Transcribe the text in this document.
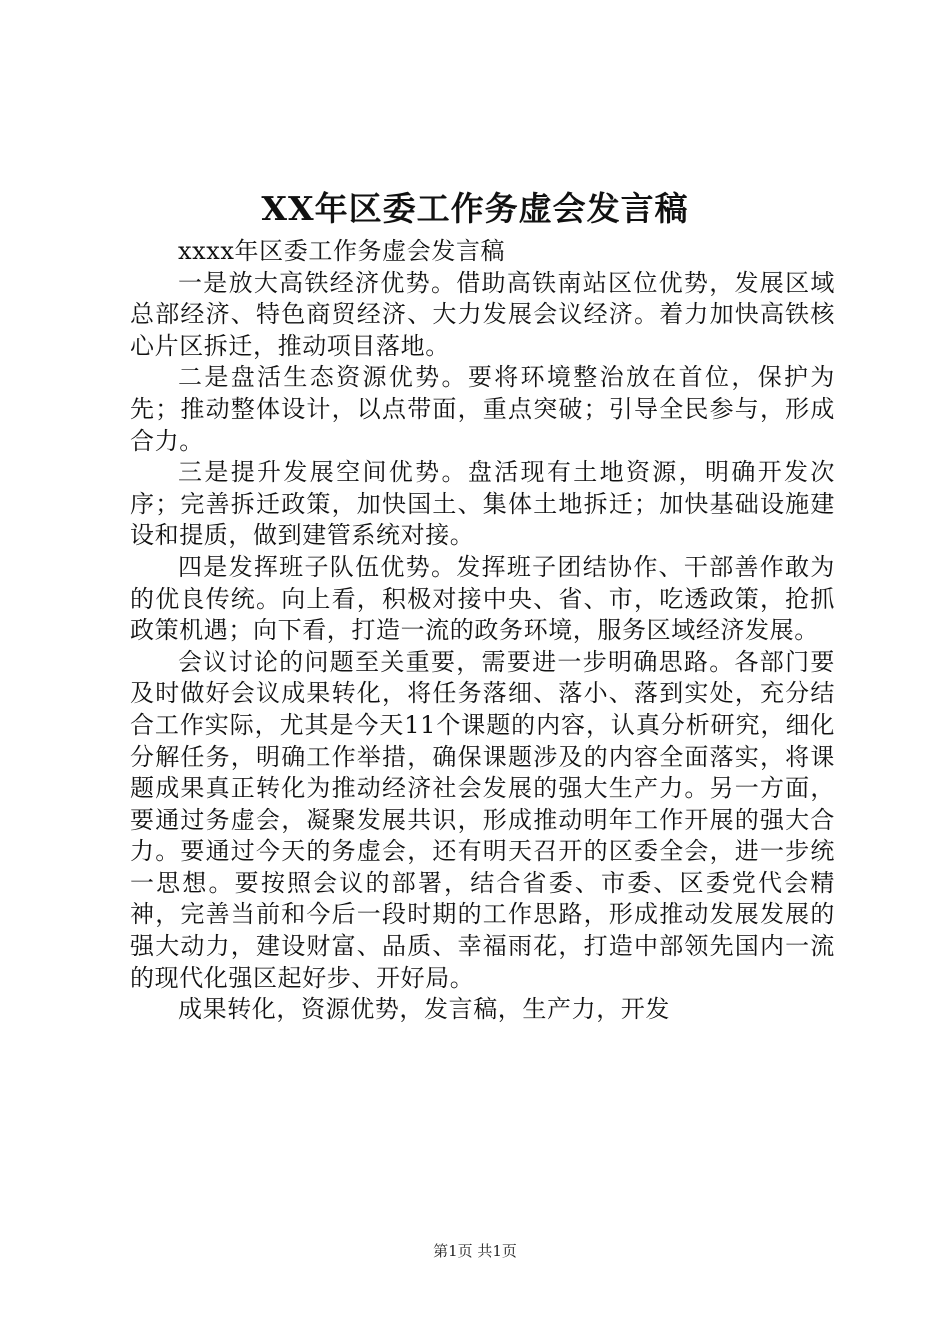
XX年区委工作务虚会发言稿

xxxx年区委工作务虚会发言稿

一是放大高铁经济优势。借助高铁南站区位优势，发展区域总部经济、特色商贸经济、大力发展会议经济。着力加快高铁核心片区拆迁，推动项目落地。

二是盘活生态资源优势。要将环境整治放在首位，保护为先；推动整体设计，以点带面，重点突破；引导全民参与，形成合力。

三是提升发展空间优势。盘活现有土地资源，明确开发次序；完善拆迁政策，加快国土、集体土地拆迁；加快基础设施建设和提质，做到建管系统对接。

四是发挥班子队伍优势。发挥班子团结协作、干部善作敢为的优良传统。向上看，积极对接中央、省、市，吃透政策，抢抓政策机遇；向下看，打造一流的政务环境，服务区域经济发展。

会议讨论的问题至关重要，需要进一步明确思路。各部门要及时做好会议成果转化，将任务落细、落小、落到实处，充分结合工作实际，尤其是今天11个课题的内容，认真分析研究，细化分解任务，明确工作举措，确保课题涉及的内容全面落实，将课题成果真正转化为推动经济社会发展的强大生产力。另一方面，要通过务虚会，凝聚发展共识，形成推动明年工作开展的强大合力。要通过今天的务虚会，还有明天召开的区委全会，进一步统一思想。要按照会议的部署，结合省委、市委、区委党代会精神，完善当前和今后一段时期的工作思路，形成推动发展发展的强大动力，建设财富、品质、幸福雨花，打造中部领先国内一流的现代化强区起好步、开好局。

成果转化，资源优势，发言稿，生产力，开发

第1页 共1页
